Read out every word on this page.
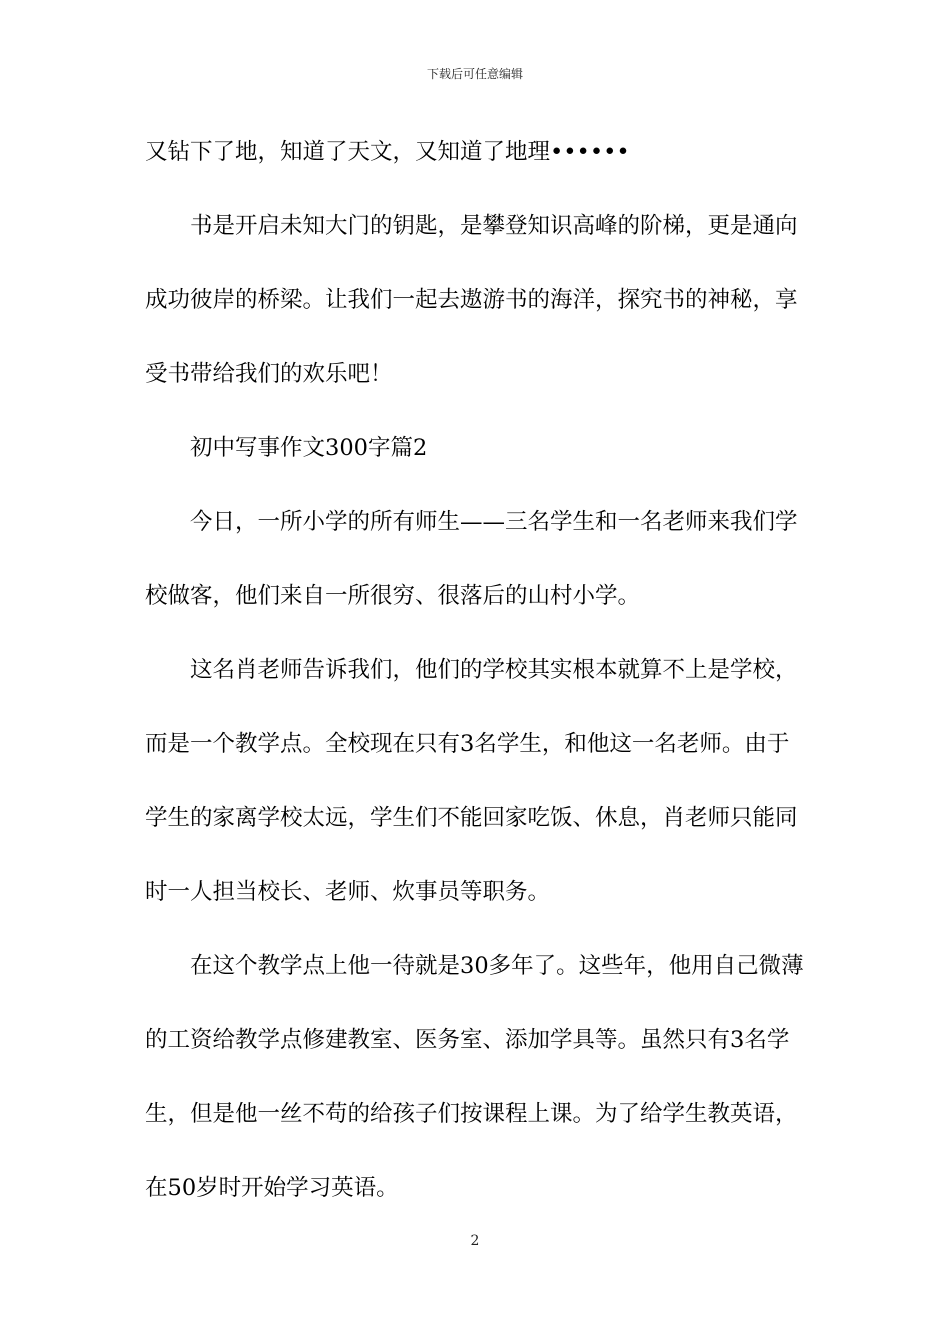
下载后可任意编辑
又钻下了地，知道了天文，又知道了地理••••••
书是开启未知大门的钥匙，是攀登知识高峰的阶梯，更是通向
成功彼岸的桥梁。让我们一起去遨游书的海洋，探究书的神秘，享
受书带给我们的欢乐吧！
初中写事作文300字篇2
今日，一所小学的所有师生——三名学生和一名老师来我们学
校做客，他们来自一所很穷、很落后的山村小学。
这名肖老师告诉我们，他们的学校其实根本就算不上是学校，
而是一个教学点。全校现在只有3名学生，和他这一名老师。由于
学生的家离学校太远，学生们不能回家吃饭、休息，肖老师只能同
时一人担当校长、老师、炊事员等职务。
在这个教学点上他一待就是30多年了。这些年，他用自己微薄
的工资给教学点修建教室、医务室、添加学具等。虽然只有3名学
生，但是他一丝不苟的给孩子们按课程上课。为了给学生教英语，
在50岁时开始学习英语。
2
